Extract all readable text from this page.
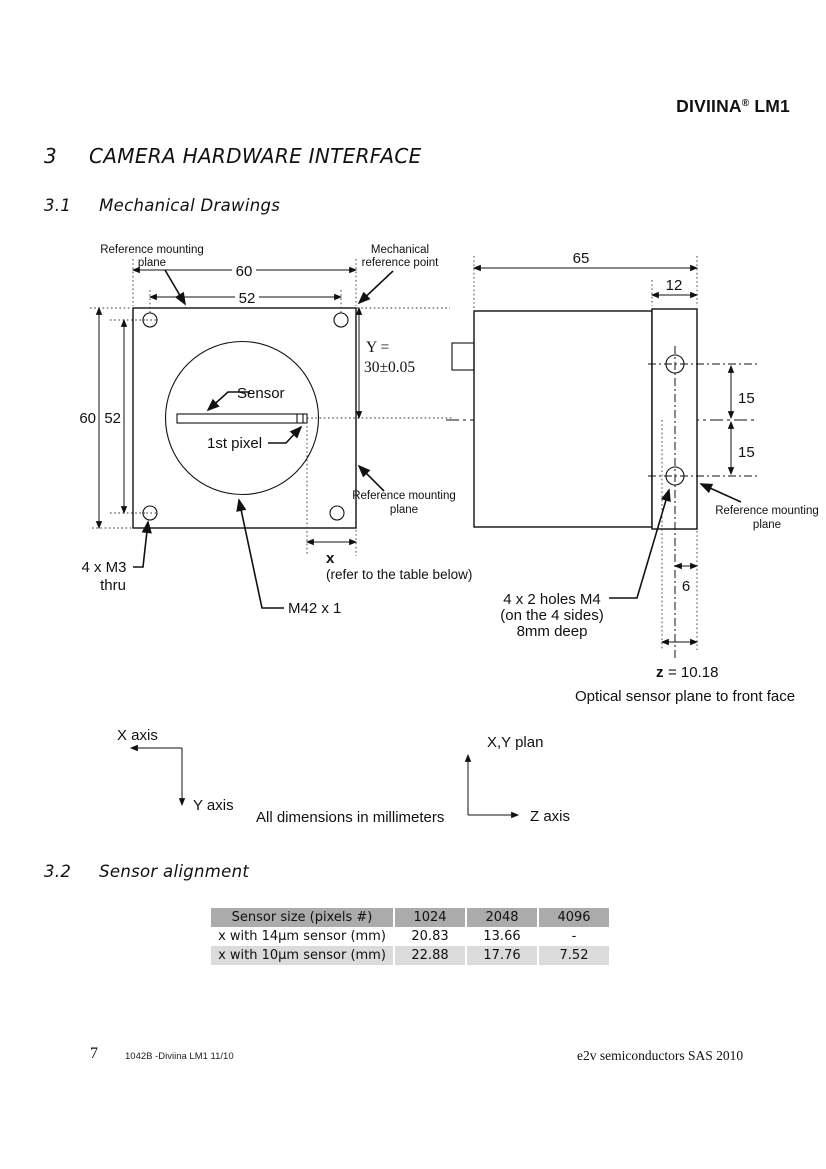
DIVIINA® LM1
3 CAMERA HARDWARE INTERFACE
3.1 Mechanical Drawings
3.2 Sensor alignment
60
52
60 52
Y =
30±0.05
Reference mounting
plane
Mechanical
reference point
Sensor
1st pixel
Reference mounting
plane
4 x M3
thru
M42 x 1
x
(refer to the table below)
65
12
15
15
Reference mounting
plane
4 x 2 holes M4
(on the 4 sides)
8mm deep
6
z = 10.18
Optical sensor plane to front face
X axis
Y axis
All dimensions in millimeters
X,Y plan
Z axis
Sensor size (pixels #)	1024	2048	4096
x with 14µm sensor (mm)	20.83	13.66	-
x with 10µm sensor (mm)	22.88	17.76	7.52
7	1042B -Diviina LM1 11/10	e2v semiconductors SAS 2010
